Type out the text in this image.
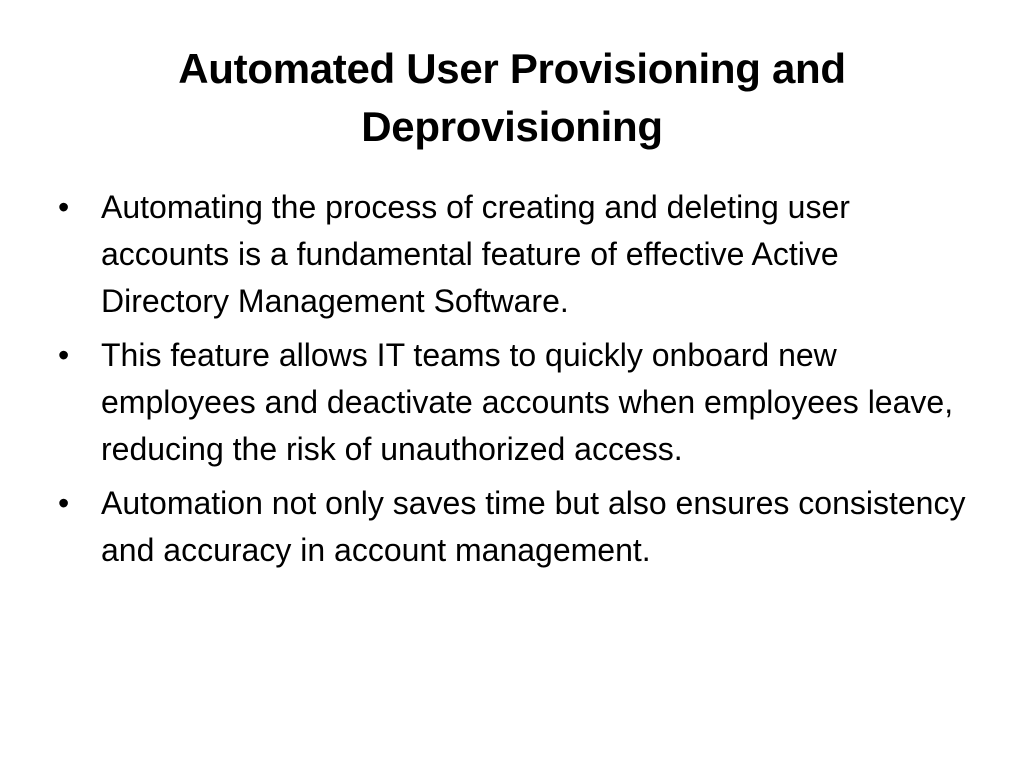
Automated User Provisioning and
Deprovisioning
• Automating the process of creating and deleting user accounts is a fundamental feature of effective Active Directory Management Software.
• This feature allows IT teams to quickly onboard new employees and deactivate accounts when employees leave, reducing the risk of unauthorized access.
• Automation not only saves time but also ensures consistency and accuracy in account management.
